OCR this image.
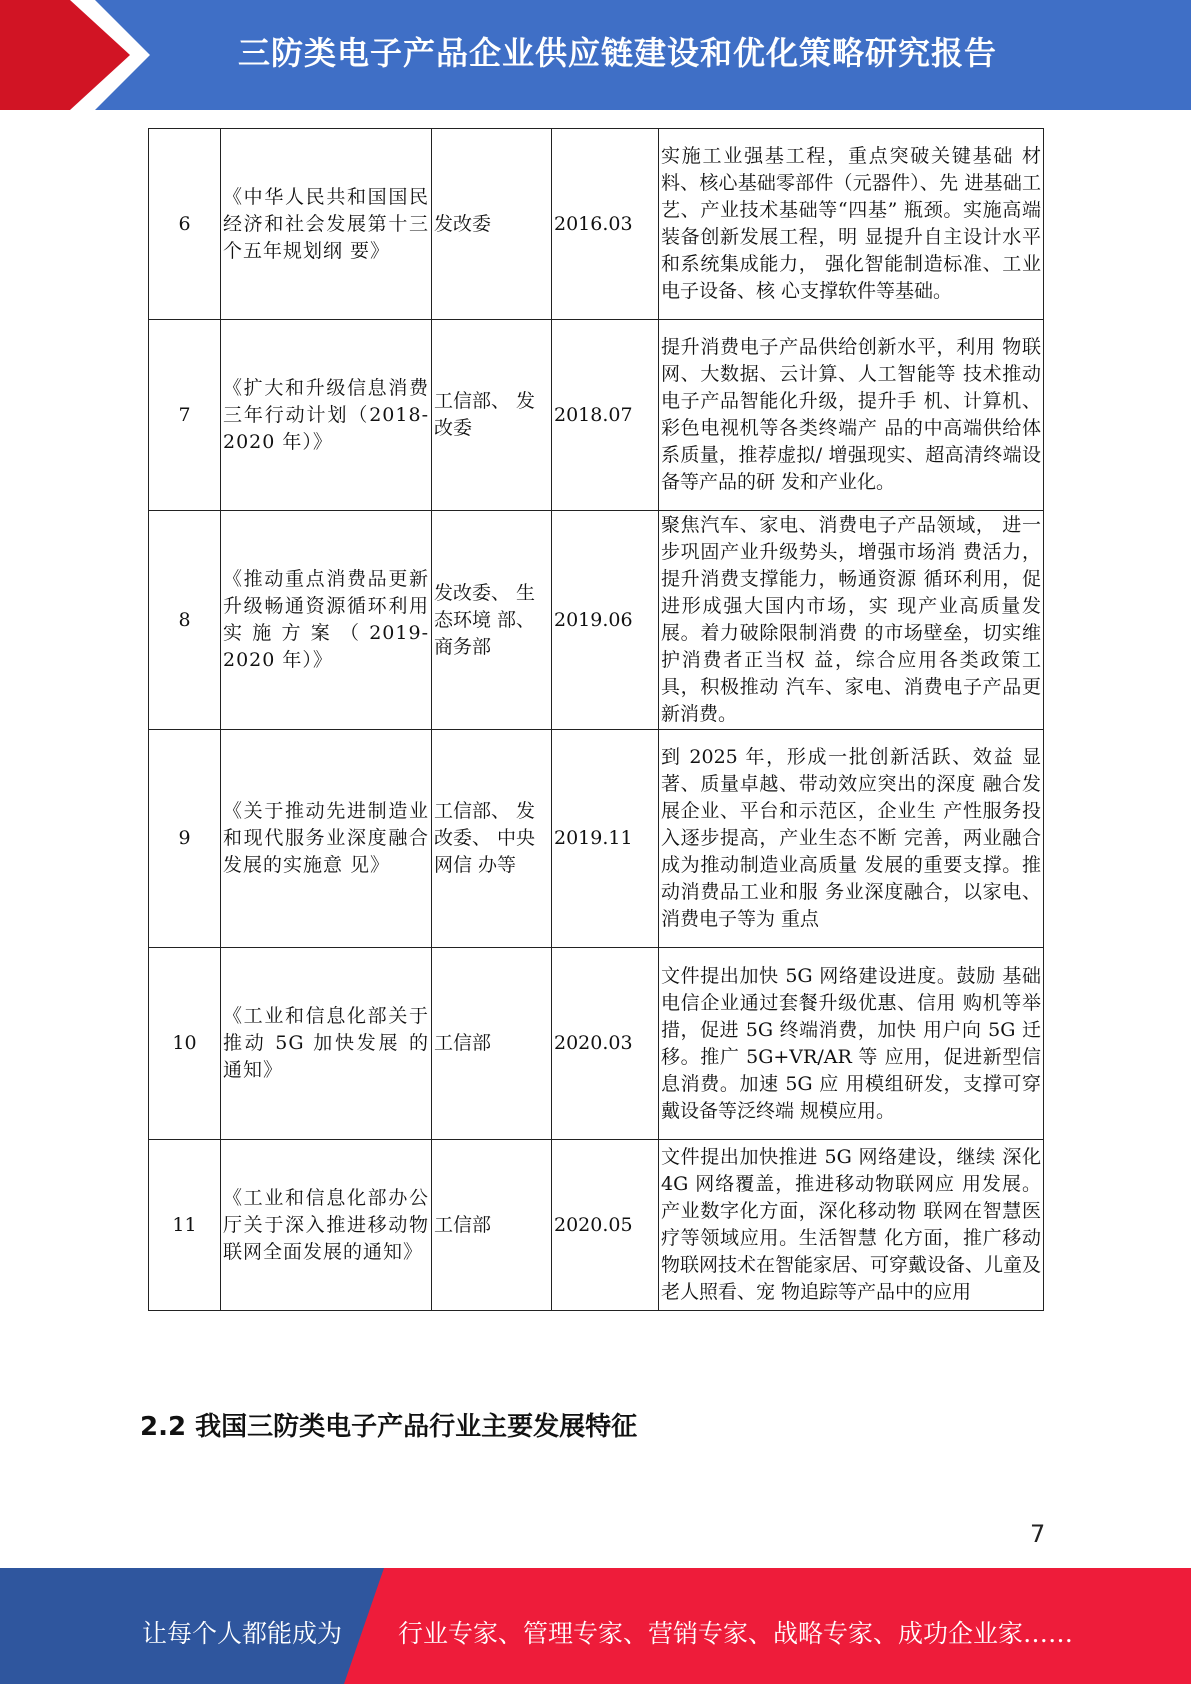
三防类电子产品企业供应链建设和优化策略研究报告
6	《中华人民共和国国民经济和社会发展第十三个五年规划纲 要》	发改委	2016.03	实施工业强基工程，重点突破关键基础 材料、核心基础零部件（元器件）、先 进基础工艺、产业技术基础等“四基” 瓶颈。实施高端装备创新发展工程，明 显提升自主设计水平和系统集成能力， 强化智能制造标准、工业电子设备、核 心支撑软件等基础。
7	《扩大和升级信息消费三年行动计划（2018-2020 年）》	工信部、 发改委	2018.07	提升消费电子产品供给创新水平，利用 物联网、大数据、云计算、人工智能等 技术推动电子产品智能化升级，提升手 机、计算机、彩色电视机等各类终端产 品的中高端供给体系质量，推荐虚拟/ 增强现实、超高清终端设备等产品的研 发和产业化。
8	《推动重点消费品更新升级畅通资源循环利用实施方案（2019-2020 年）》	发改委、 生态环境 部、商务部	2019.06	聚焦汽车、家电、消费电子产品领域， 进一步巩固产业升级势头，增强市场消 费活力，提升消费支撑能力，畅通资源 循环利用，促进形成强大国内市场，实 现产业高质量发展。着力破除限制消费 的市场壁垒，切实维护消费者正当权 益，综合应用各类政策工具，积极推动 汽车、家电、消费电子产品更新消费。
9	《关于推动先进制造业和现代服务业深度融合发展的实施意 见》	工信部、 发改委、 中央网信 办等	2019.11	到 2025 年，形成一批创新活跃、效益 显著、质量卓越、带动效应突出的深度 融合发展企业、平台和示范区，企业生 产性服务投入逐步提高，产业生态不断 完善，两业融合成为推动制造业高质量 发展的重要支撑。推动消费品工业和服 务业深度融合，以家电、消费电子等为 重点
10	《工业和信息化部关于推动 5G 加快发展 的通知》	工信部	2020.03	文件提出加快 5G 网络建设进度。鼓励 基础电信企业通过套餐升级优惠、信用 购机等举措，促进 5G 终端消费，加快 用户向 5G 迁移。推广 5G+VR/AR 等 应用，促进新型信息消费。加速 5G 应 用模组研发，支撑可穿戴设备等泛终端 规模应用。
11	《工业和信息化部办公厅关于深入推进移动物联网全面发展的通知》	工信部	2020.05	文件提出加快推进 5G 网络建设，继续 深化 4G 网络覆盖，推进移动物联网应 用发展。产业数字化方面，深化移动物 联网在智慧医疗等领域应用。生活智慧 化方面，推广移动物联网技术在智能家居、可穿戴设备、儿童及老人照看、宠 物追踪等产品中的应用
2.2 我国三防类电子产品行业主要发展特征
7
让每个人都能成为 行业专家、管理专家、营销专家、战略专家、成功企业家……
